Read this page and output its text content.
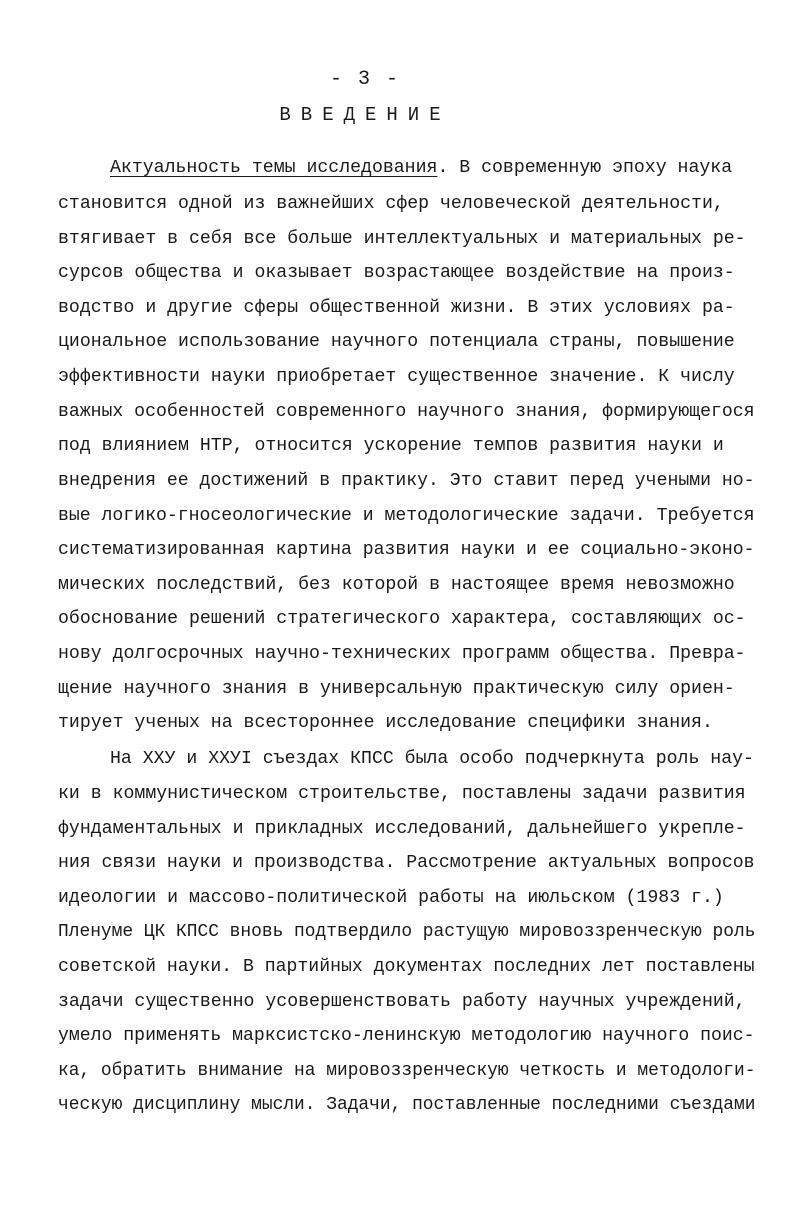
- 3 -
ВВЕДЕНИЕ
Актуальность темы исследования. В современную эпоху наука
становится одной из важнейших сфер человеческой деятельности,
втягивает в себя все больше интеллектуальных и материальных ре-
сурсов общества и оказывает возрастающее воздействие на произ-
водство и другие сферы общественной жизни. В этих условиях ра-
циональное использование научного потенциала страны, повышение
эффективности науки приобретает существенное значение. К числу
важных особенностей современного научного знания, формирующегося
под влиянием НТР, относится ускорение темпов развития науки и
внедрения ее достижений в практику. Это ставит перед учеными но-
вые логико-гносеологические и методологические задачи. Требуется
систематизированная картина развития науки и ее социально-эконо-
мических последствий, без которой в настоящее время невозможно
обоснование решений стратегического характера, составляющих ос-
нову долгосрочных научно-технических программ общества. Превра-
щение научного знания в универсальную практическую силу ориен-
тирует ученых на всестороннее исследование специфики знания.
На ХХУ и ХХУI съездах КПСС была особо подчеркнута роль нау-
ки в коммунистическом строительстве, поставлены задачи развития
фундаментальных и прикладных исследований, дальнейшего укрепле-
ния связи науки и производства. Рассмотрение актуальных вопросов
идеологии и массово-политической работы на июльском (1983 г.)
Пленуме ЦК КПСС вновь подтвердило растущую мировоззренческую роль
советской науки. В партийных документах последних лет поставлены
задачи существенно усовершенствовать работу научных учреждений,
умело применять марксистско-ленинскую методологию научного поис-
ка, обратить внимание на мировоззренческую четкость и методологи-
ческую дисциплину мысли. Задачи, поставленные последними съездами
